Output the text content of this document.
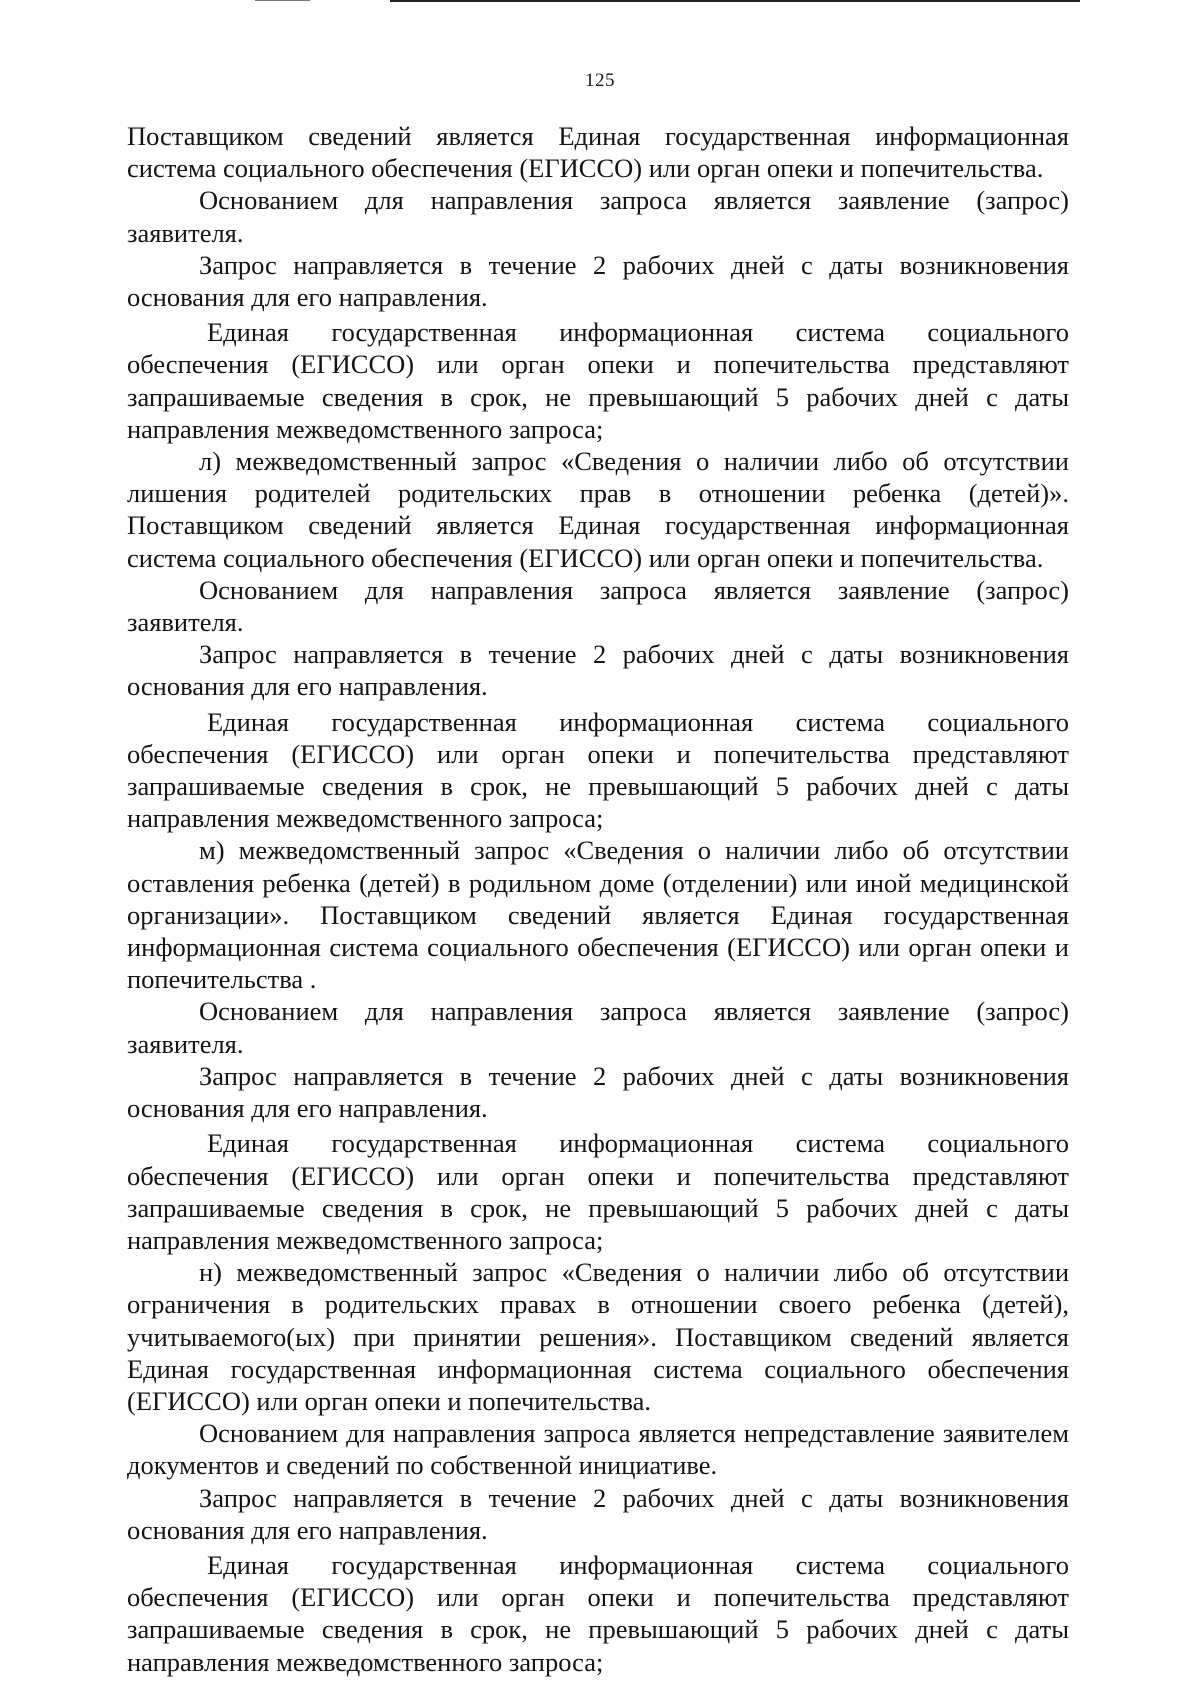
125

Поставщиком сведений является Единая государственная информационная система социального обеспечения (ЕГИССО) или орган опеки и попечительства.

Основанием для направления запроса является заявление (запрос) заявителя.

Запрос направляется в течение 2 рабочих дней с даты возникновения основания для его направления.

Единая государственная информационная система социального обеспечения (ЕГИССО) или орган опеки и попечительства представляют запрашиваемые сведения в срок, не превышающий 5 рабочих дней с даты направления межведомственного запроса;

л) межведомственный запрос «Сведения о наличии либо об отсутствии лишения родителей родительских прав в отношении ребенка (детей)». Поставщиком сведений является Единая государственная информационная система социального обеспечения (ЕГИССО) или орган опеки и попечительства.

Основанием для направления запроса является заявление (запрос) заявителя.

Запрос направляется в течение 2 рабочих дней с даты возникновения основания для его направления.

Единая государственная информационная система социального обеспечения (ЕГИССО) или орган опеки и попечительства представляют запрашиваемые сведения в срок, не превышающий 5 рабочих дней с даты направления межведомственного запроса;

м) межведомственный запрос «Сведения о наличии либо об отсутствии оставления ребенка (детей) в родильном доме (отделении) или иной медицинской организации». Поставщиком сведений является Единая государственная информационная система социального обеспечения (ЕГИССО) или орган опеки и попечительства .

Основанием для направления запроса является заявление (запрос) заявителя.

Запрос направляется в течение 2 рабочих дней с даты возникновения основания для его направления.

Единая государственная информационная система социального обеспечения (ЕГИССО) или орган опеки и попечительства представляют запрашиваемые сведения в срок, не превышающий 5 рабочих дней с даты направления межведомственного запроса;

н) межведомственный запрос «Сведения о наличии либо об отсутствии ограничения в родительских правах в отношении своего ребенка (детей), учитываемого(ых) при принятии решения». Поставщиком сведений является Единая государственная информационная система социального обеспечения (ЕГИССО) или орган опеки и попечительства.

Основанием для направления запроса является непредставление заявителем документов и сведений по собственной инициативе.

Запрос направляется в течение 2 рабочих дней с даты возникновения основания для его направления.

Единая государственная информационная система социального обеспечения (ЕГИССО) или орган опеки и попечительства представляют запрашиваемые сведения в срок, не превышающий 5 рабочих дней с даты направления межведомственного запроса;
